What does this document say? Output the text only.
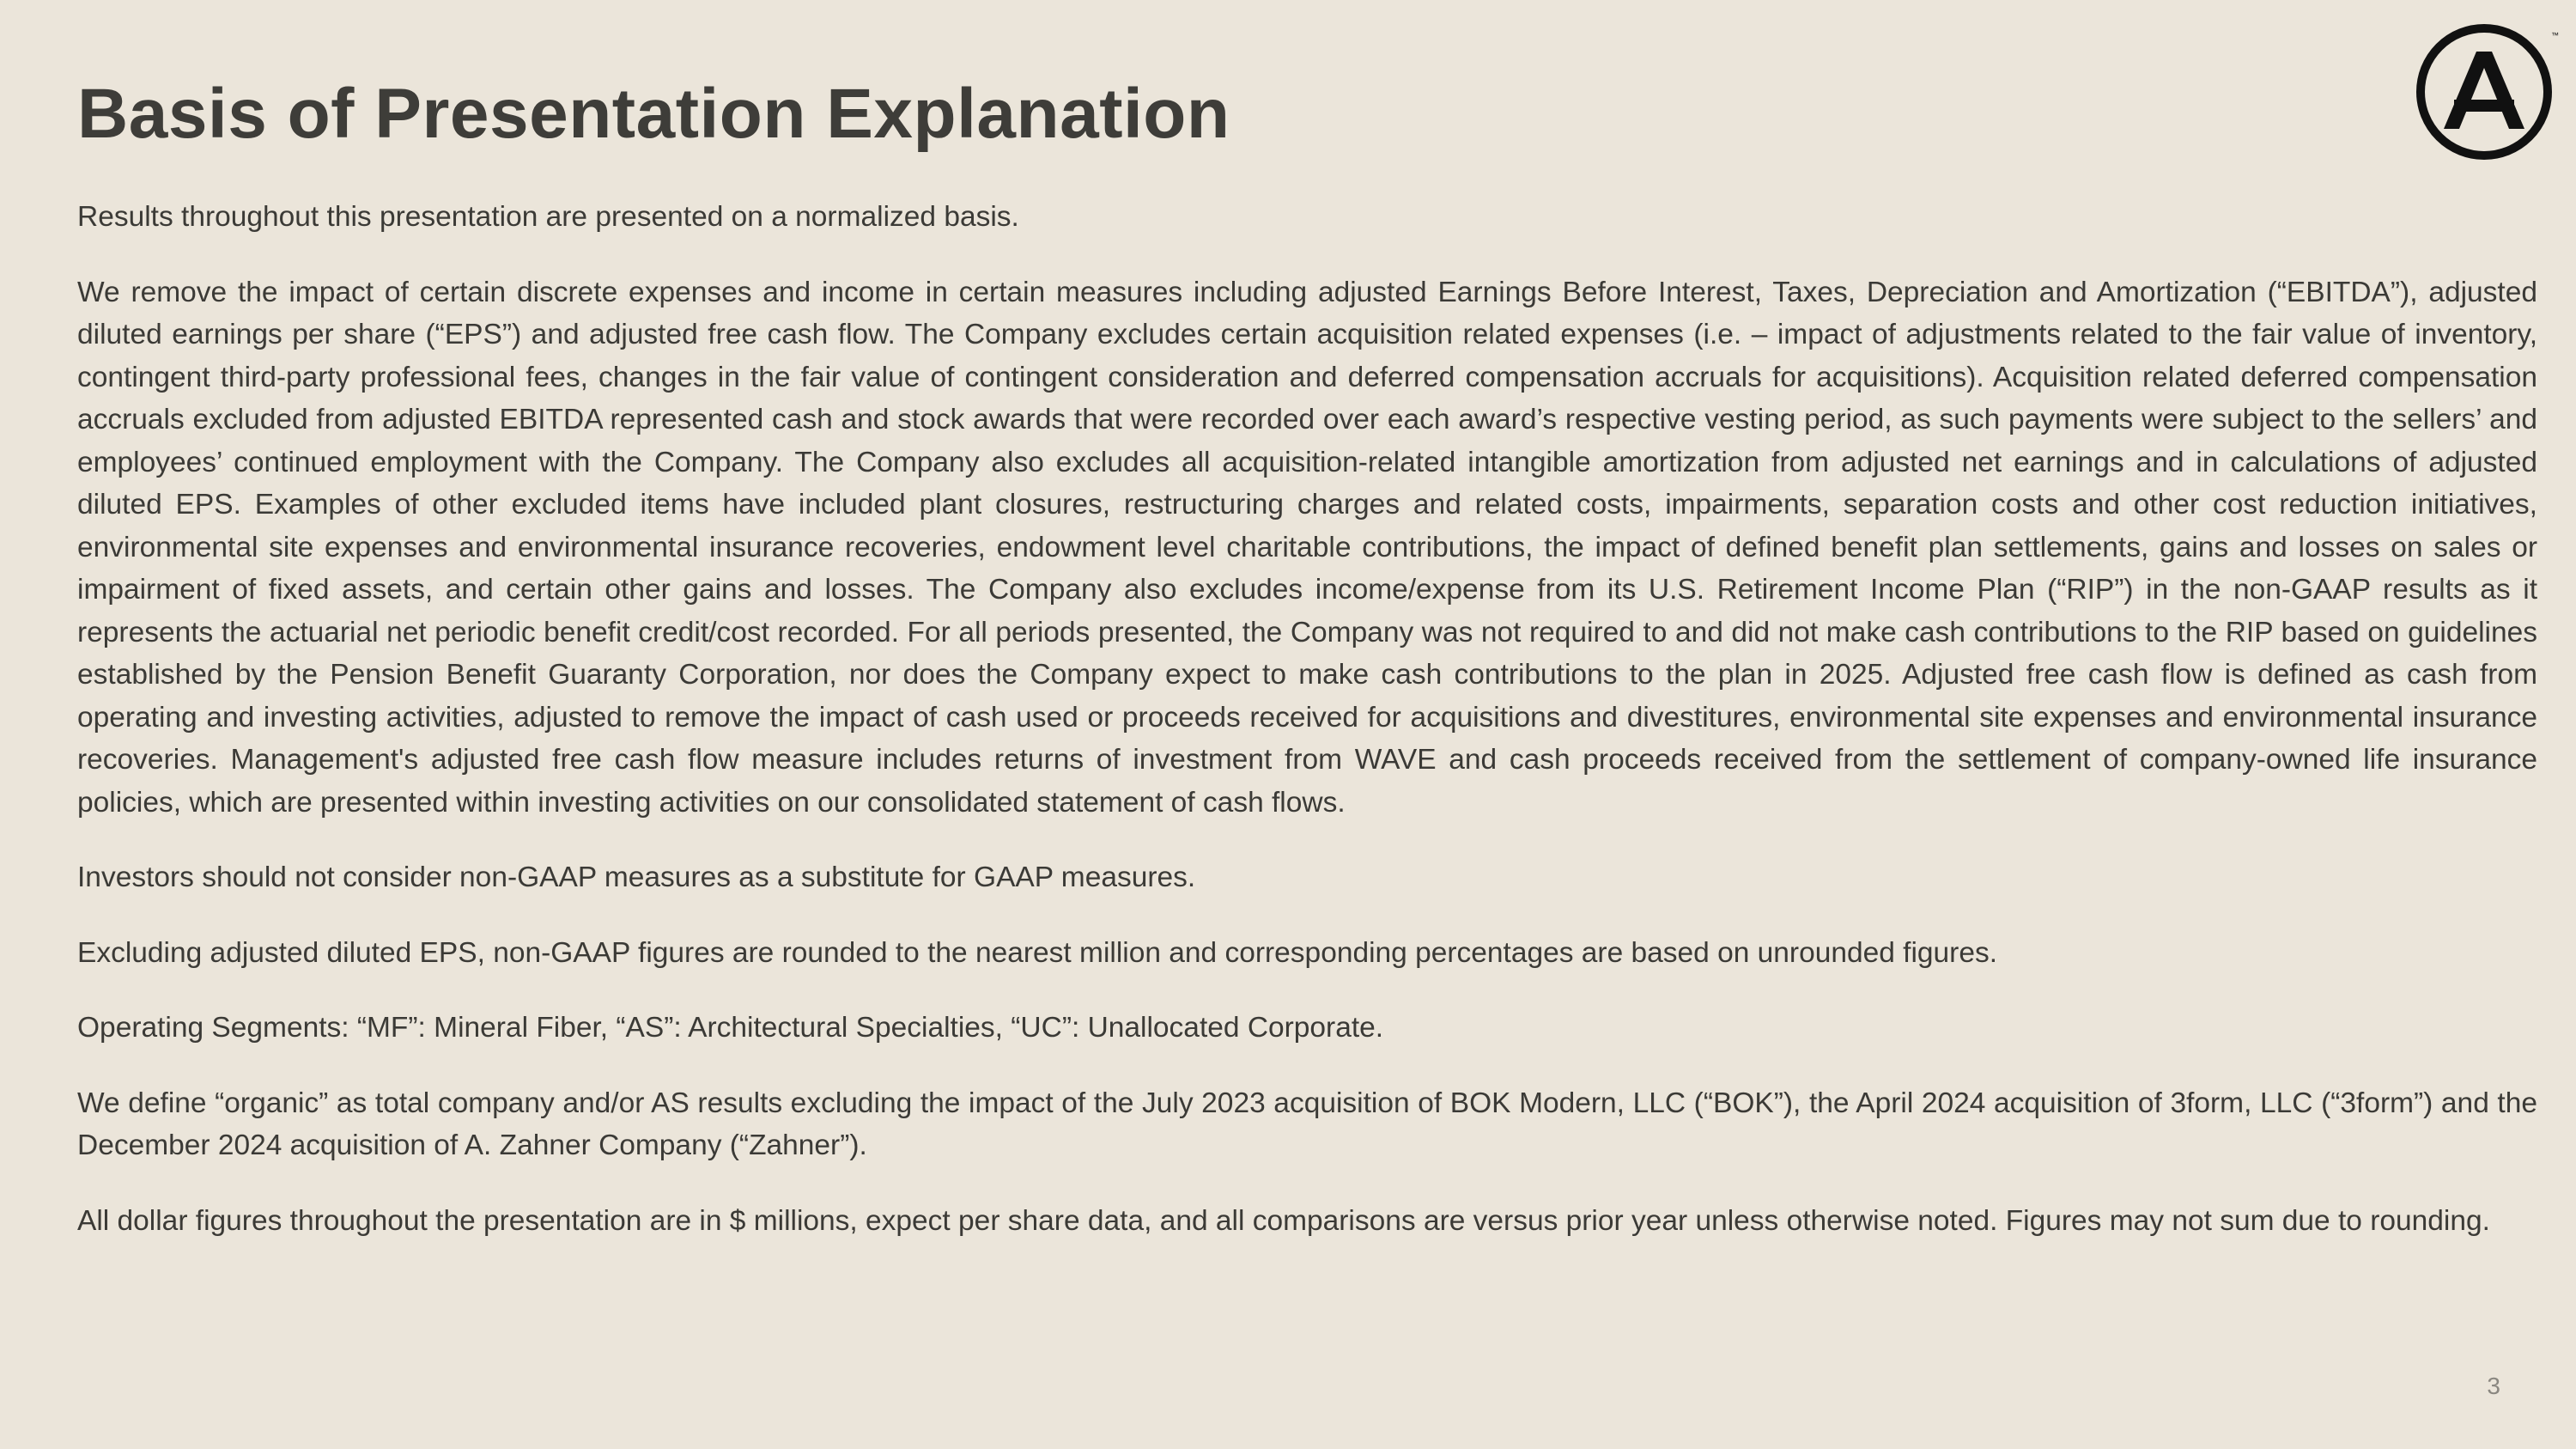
Basis of Presentation Explanation
™

Results throughout this presentation are presented on a normalized basis.

We remove the impact of certain discrete expenses and income in certain measures including adjusted Earnings Before Interest, Taxes, Depreciation and Amortization (“EBITDA”), adjusted diluted earnings per share (“EPS”) and adjusted free cash flow. The Company excludes certain acquisition related expenses (i.e. – impact of adjustments related to the fair value of inventory, contingent third-party professional fees, changes in the fair value of contingent consideration and deferred compensation accruals for acquisitions). Acquisition related deferred compensation accruals excluded from adjusted EBITDA represented cash and stock awards that were recorded over each award’s respective vesting period, as such payments were subject to the sellers’ and employees’ continued employment with the Company. The Company also excludes all acquisition-related intangible amortization from adjusted net earnings and in calculations of adjusted diluted EPS. Examples of other excluded items have included plant closures, restructuring charges and related costs, impairments, separation costs and other cost reduction initiatives, environmental site expenses and environmental insurance recoveries, endowment level charitable contributions, the impact of defined benefit plan settlements, gains and losses on sales or impairment of fixed assets, and certain other gains and losses. The Company also excludes income/expense from its U.S. Retirement Income Plan (“RIP”) in the non-GAAP results as it represents the actuarial net periodic benefit credit/cost recorded. For all periods presented, the Company was not required to and did not make cash contributions to the RIP based on guidelines established by the Pension Benefit Guaranty Corporation, nor does the Company expect to make cash contributions to the plan in 2025. Adjusted free cash flow is defined as cash from operating and investing activities, adjusted to remove the impact of cash used or proceeds received for acquisitions and divestitures, environmental site expenses and environmental insurance recoveries. Management's adjusted free cash flow measure includes returns of investment from WAVE and cash proceeds received from the settlement of company-owned life insurance policies, which are presented within investing activities on our consolidated statement of cash flows.

Investors should not consider non-GAAP measures as a substitute for GAAP measures.

Excluding adjusted diluted EPS, non-GAAP figures are rounded to the nearest million and corresponding percentages are based on unrounded figures.

Operating Segments: “MF”: Mineral Fiber, “AS”: Architectural Specialties, “UC”: Unallocated Corporate.

We define “organic” as total company and/or AS results excluding the impact of the July 2023 acquisition of BOK Modern, LLC (“BOK”), the April 2024 acquisition of 3form, LLC (“3form”) and the December 2024 acquisition of A. Zahner Company (“Zahner”).

All dollar figures throughout the presentation are in $ millions, expect per share data, and all comparisons are versus prior year unless otherwise noted. Figures may not sum due to rounding.

3
